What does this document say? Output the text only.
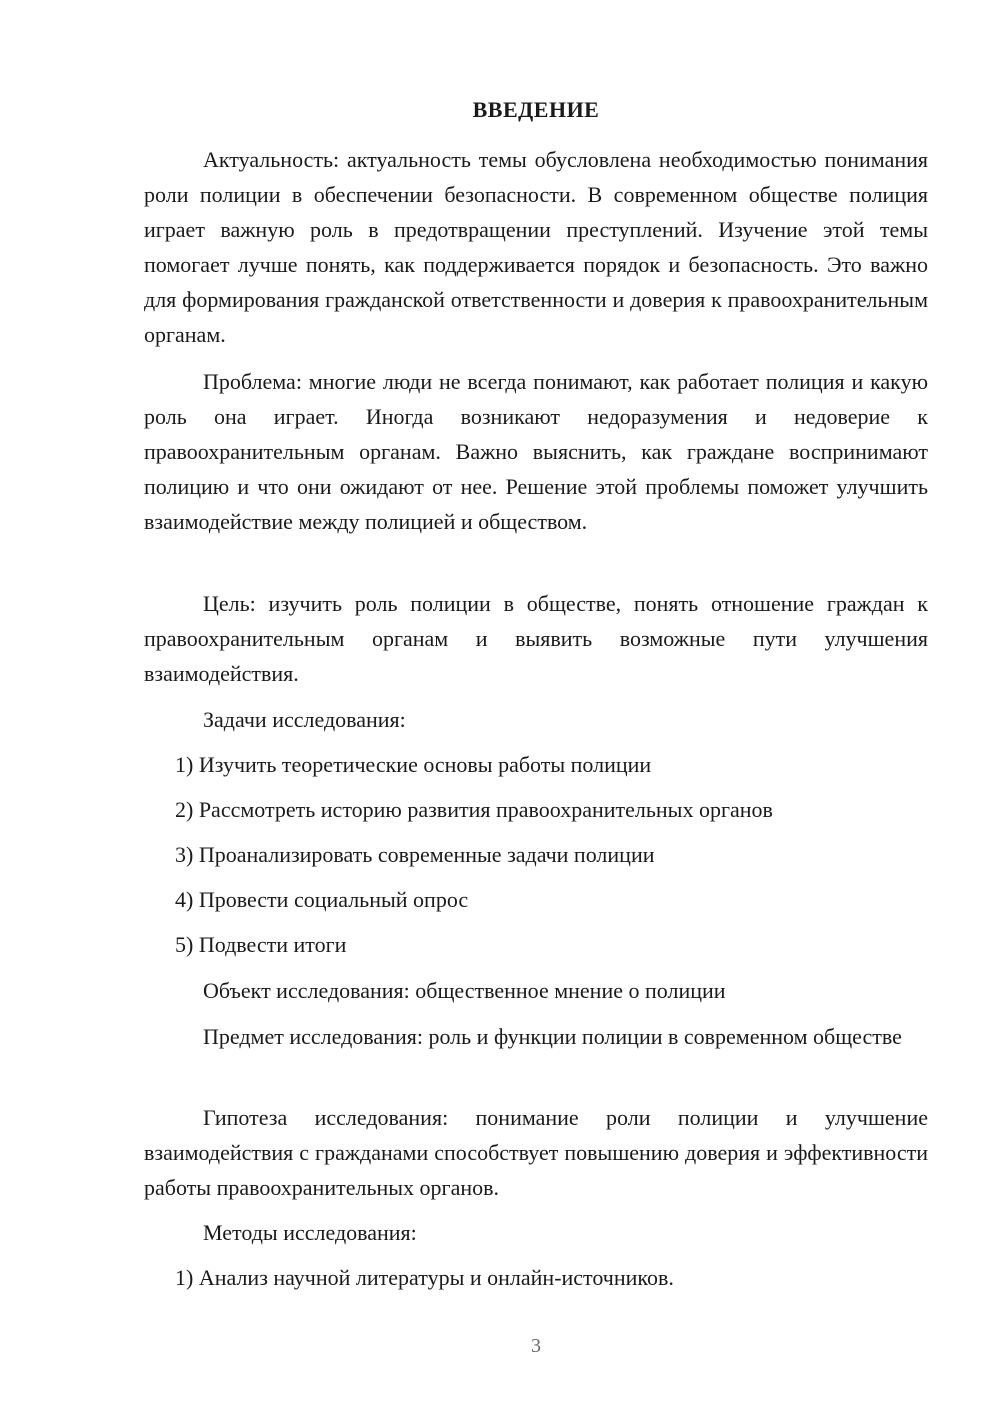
ВВЕДЕНИЕ
Актуальность: актуальность темы обусловлена необходимостью понимания роли полиции в обеспечении безопасности. В современном обществе полиция играет важную роль в предотвращении преступлений. Изучение этой темы помогает лучше понять, как поддерживается порядок и безопасность. Это важно для формирования гражданской ответственности и доверия к правоохранительным органам.
Проблема: многие люди не всегда понимают, как работает полиция и какую роль она играет. Иногда возникают недоразумения и недоверие к правоохранительным органам. Важно выяснить, как граждане воспринимают полицию и что они ожидают от нее. Решение этой проблемы поможет улучшить взаимодействие между полицией и обществом.
Цель: изучить роль полиции в обществе, понять отношение граждан к правоохранительным органам и выявить возможные пути улучшения взаимодействия.
Задачи исследования:
1) Изучить теоретические основы работы полиции
2) Рассмотреть историю развития правоохранительных органов
3) Проанализировать современные задачи полиции
4) Провести социальный опрос
5) Подвести итоги
Объект исследования: общественное мнение о полиции
Предмет исследования: роль и функции полиции в современном обществе
Гипотеза исследования: понимание роли полиции и улучшение взаимодействия с гражданами способствует повышению доверия и эффективности работы правоохранительных органов.
Методы исследования:
1) Анализ научной литературы и онлайн-источников.
3
